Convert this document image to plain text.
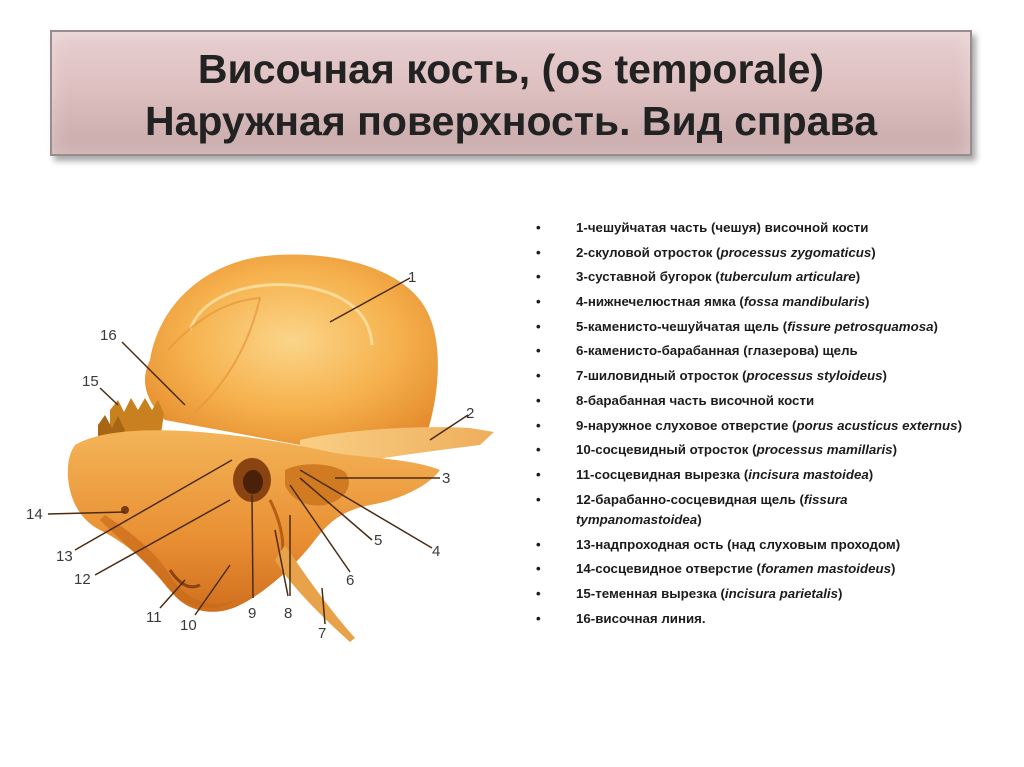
Височная кость, (os temporale)
Наружная поверхность. Вид справа
1
2
3
4
5
6
7
8
9
10
11
12
13
14
15
16
•	1-чешуйчатая часть (чешуя) височной кости
•	2-скуловой отросток (processus zygomaticus)
•	3-суставной бугорок (tuberculum articulare)
•	4-нижнечелюстная ямка (fossa mandibularis)
•	5-каменисто-чешуйчатая щель (fissure petrosquamosa)
•	6-каменисто-барабанная (глазерова) щель
•	7-шиловидный отросток (processus styloideus)
•	8-барабанная часть височной кости
•	9-наружное слуховое отверстие (porus acusticus externus)
•	10-сосцевидный отросток (processus mamillaris)
•	11-сосцевидная вырезка (incisura mastoidea)
•	12-барабанно-сосцевидная щель (fissura tympanomastoidea)
•	13-надпроходная ость (над слуховым проходом)
•	14-сосцевидное отверстие (foramen mastoideus)
•	15-теменная вырезка (incisura parietalis)
•	16-височная линия.
